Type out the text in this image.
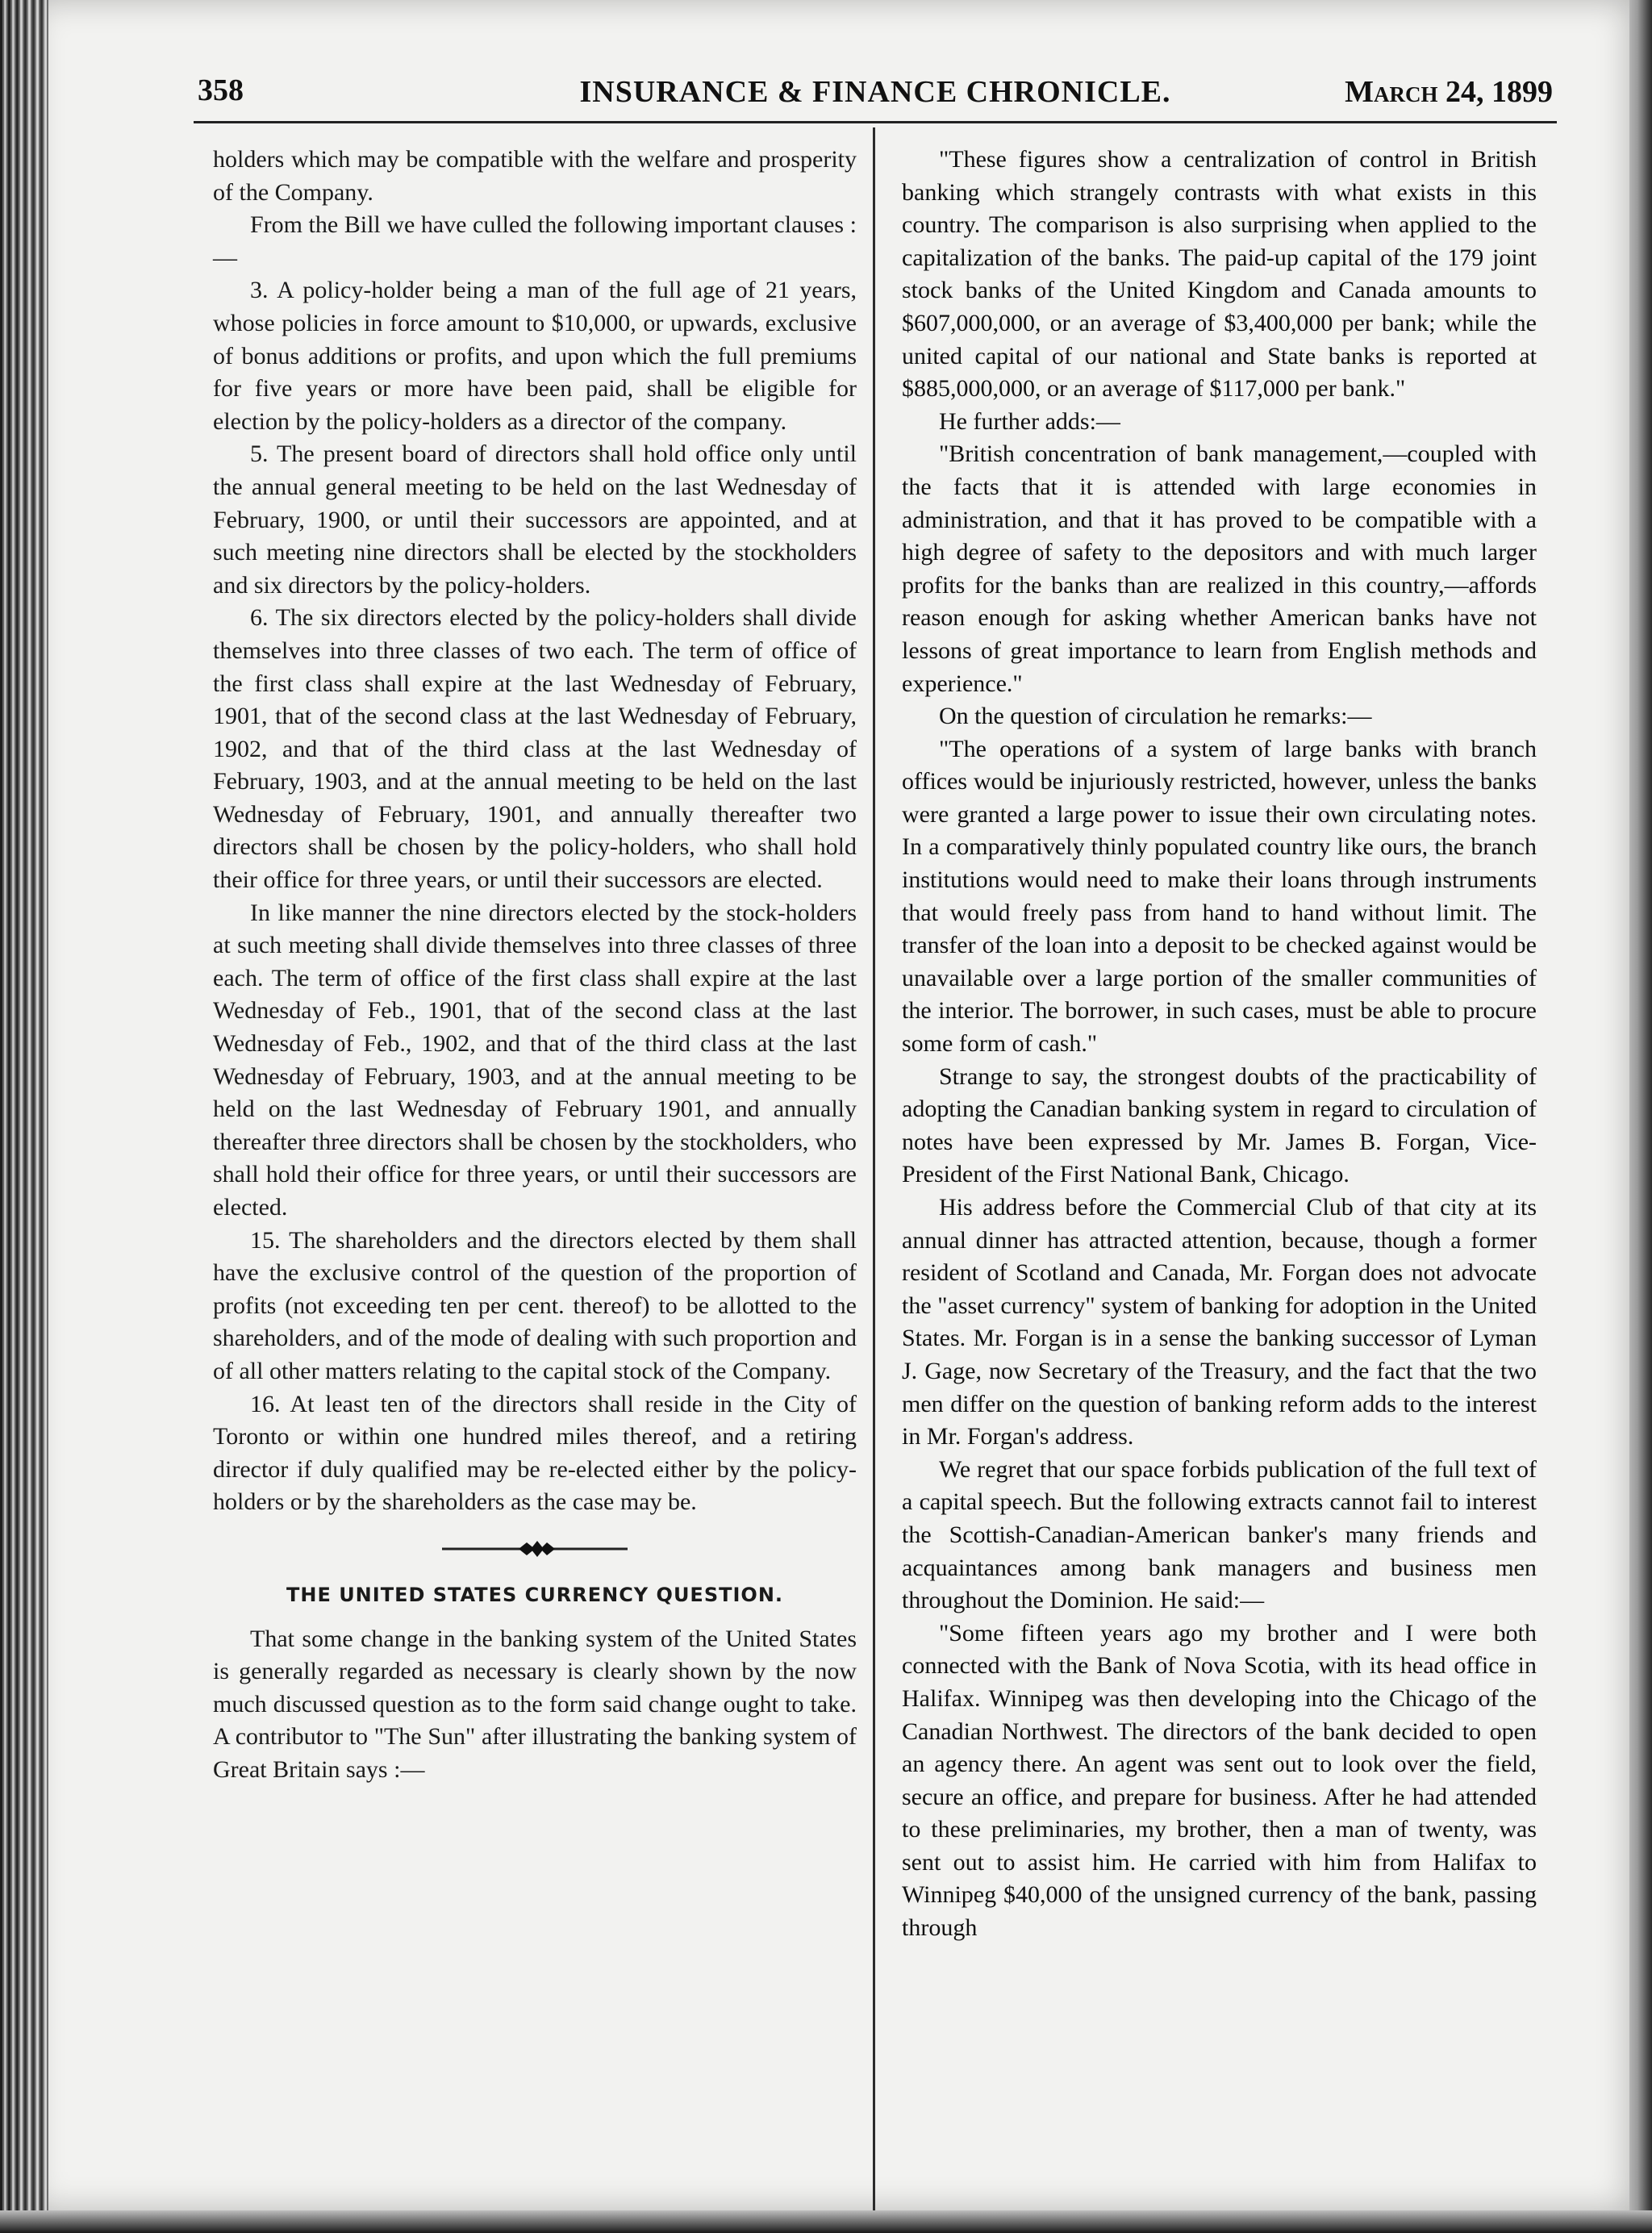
358	INSURANCE & FINANCE CHRONICLE.	March 24, 1899

holders which may be compatible with the welfare and prosperity of the Company.

From the Bill we have culled the following important clauses :—

3. A policy-holder being a man of the full age of 21 years, whose policies in force amount to $10,000, or upwards, exclusive of bonus additions or profits, and upon which the full premiums for five years or more have been paid, shall be eligible for election by the policy-holders as a director of the company.

5. The present board of directors shall hold office only until the annual general meeting to be held on the last Wednesday of February, 1900, or until their successors are appointed, and at such meeting nine directors shall be elected by the stockholders and six directors by the policy-holders.

6. The six directors elected by the policy-holders shall divide themselves into three classes of two each. The term of office of the first class shall expire at the last Wednesday of February, 1901, that of the second class at the last Wednesday of February, 1902, and that of the third class at the last Wednesday of February, 1903, and at the annual meeting to be held on the last Wednesday of February, 1901, and annually thereafter two directors shall be chosen by the policy-holders, who shall hold their office for three years, or until their successors are elected.

In like manner the nine directors elected by the stock-holders at such meeting shall divide themselves into three classes of three each. The term of office of the first class shall expire at the last Wednesday of Feb., 1901, that of the second class at the last Wednesday of Feb., 1902, and that of the third class at the last Wednesday of February, 1903, and at the annual meeting to be held on the last Wednesday of February 1901, and annually thereafter three directors shall be chosen by the stockholders, who shall hold their office for three years, or until their successors are elected.

15. The shareholders and the directors elected by them shall have the exclusive control of the question of the proportion of profits (not exceeding ten per cent. thereof) to be allotted to the shareholders, and of the mode of dealing with such proportion and of all other matters relating to the capital stock of the Company.

16. At least ten of the directors shall reside in the City of Toronto or within one hundred miles thereof, and a retiring director if duly qualified may be re-elected either by the policy-holders or by the shareholders as the case may be.

THE UNITED STATES CURRENCY QUESTION.

That some change in the banking system of the United States is generally regarded as necessary is clearly shown by the now much discussed question as to the form said change ought to take. A contributor to "The Sun" after illustrating the banking system of Great Britain says :—

"These figures show a centralization of control in British banking which strangely contrasts with what exists in this country. The comparison is also surprising when applied to the capitalization of the banks. The paid-up capital of the 179 joint stock banks of the United Kingdom and Canada amounts to $607,000,000, or an average of $3,400,000 per bank; while the united capital of our national and State banks is reported at $885,000,000, or an average of $117,000 per bank."

He further adds:—

"British concentration of bank management,—coupled with the facts that it is attended with large economies in administration, and that it has proved to be compatible with a high degree of safety to the depositors and with much larger profits for the banks than are realized in this country,—affords reason enough for asking whether American banks have not lessons of great importance to learn from English methods and experience."

On the question of circulation he remarks:—

"The operations of a system of large banks with branch offices would be injuriously restricted, however, unless the banks were granted a large power to issue their own circulating notes. In a comparatively thinly populated country like ours, the branch institutions would need to make their loans through instruments that would freely pass from hand to hand without limit. The transfer of the loan into a deposit to be checked against would be unavailable over a large portion of the smaller communities of the interior. The borrower, in such cases, must be able to procure some form of cash."

Strange to say, the strongest doubts of the practicability of adopting the Canadian banking system in regard to circulation of notes have been expressed by Mr. James B. Forgan, Vice-President of the First National Bank, Chicago.

His address before the Commercial Club of that city at its annual dinner has attracted attention, because, though a former resident of Scotland and Canada, Mr. Forgan does not advocate the "asset currency" system of banking for adoption in the United States. Mr. Forgan is in a sense the banking successor of Lyman J. Gage, now Secretary of the Treasury, and the fact that the two men differ on the question of banking reform adds to the interest in Mr. Forgan's address.

We regret that our space forbids publication of the full text of a capital speech. But the following extracts cannot fail to interest the Scottish-Canadian-American banker's many friends and acquaintances among bank managers and business men throughout the Dominion. He said:—

"Some fifteen years ago my brother and I were both connected with the Bank of Nova Scotia, with its head office in Halifax. Winnipeg was then developing into the Chicago of the Canadian Northwest. The directors of the bank decided to open an agency there. An agent was sent out to look over the field, secure an office, and prepare for business. After he had attended to these preliminaries, my brother, then a man of twenty, was sent out to assist him. He carried with him from Halifax to Winnipeg $40,000 of the unsigned currency of the bank, passing through
